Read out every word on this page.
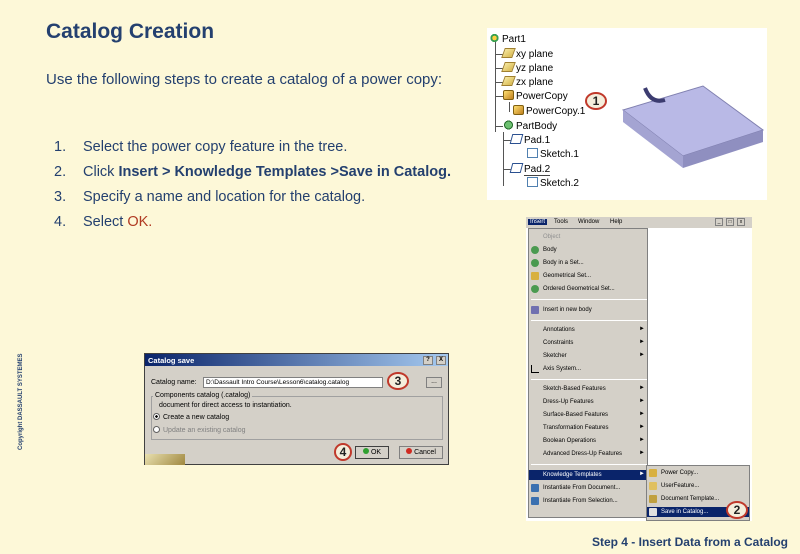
Catalog Creation
Use the following steps to create a catalog of a power copy:
1. Select the power copy feature in the tree.
2. Click Insert > Knowledge Templates >Save in Catalog.
3. Specify a name and location for the catalog.
4. Select OK.
Copyright DASSAULT SYSTEMES
Step 4 - Insert Data from a Catalog
Part1
xy plane
yz plane
zx plane
PowerCopy
PowerCopy.1
PartBody
Pad.1
Sketch.1
Pad.2
Sketch.2
1
Insert	Tools Window Help	_	□	x
Object
Body
Body in a Set...
Geometrical Set...
Ordered Geometrical Set...
Insert in new body
Annotations	►
Constraints	►
Sketcher	►
Axis System...
Sketch-Based Features	►
Dress-Up Features	►
Surface-Based Features	►
Transformation Features	►
Boolean Operations	►
Advanced Dress-Up Features	►
Knowledge Templates	►
Instantiate From Document...
Instantiate From Selection...
Power Copy...
UserFeature...
Document Template...
Save in Catalog...	2
Catalog save	?	X
Catalog name:	D:\Dassault Intro Course\Lesson6\catalog.catalog	...
Components catalog (.catalog)
document for direct access to instantiation.
Create a new catalog
Update an existing catalog
OK	Cancel
3
4
